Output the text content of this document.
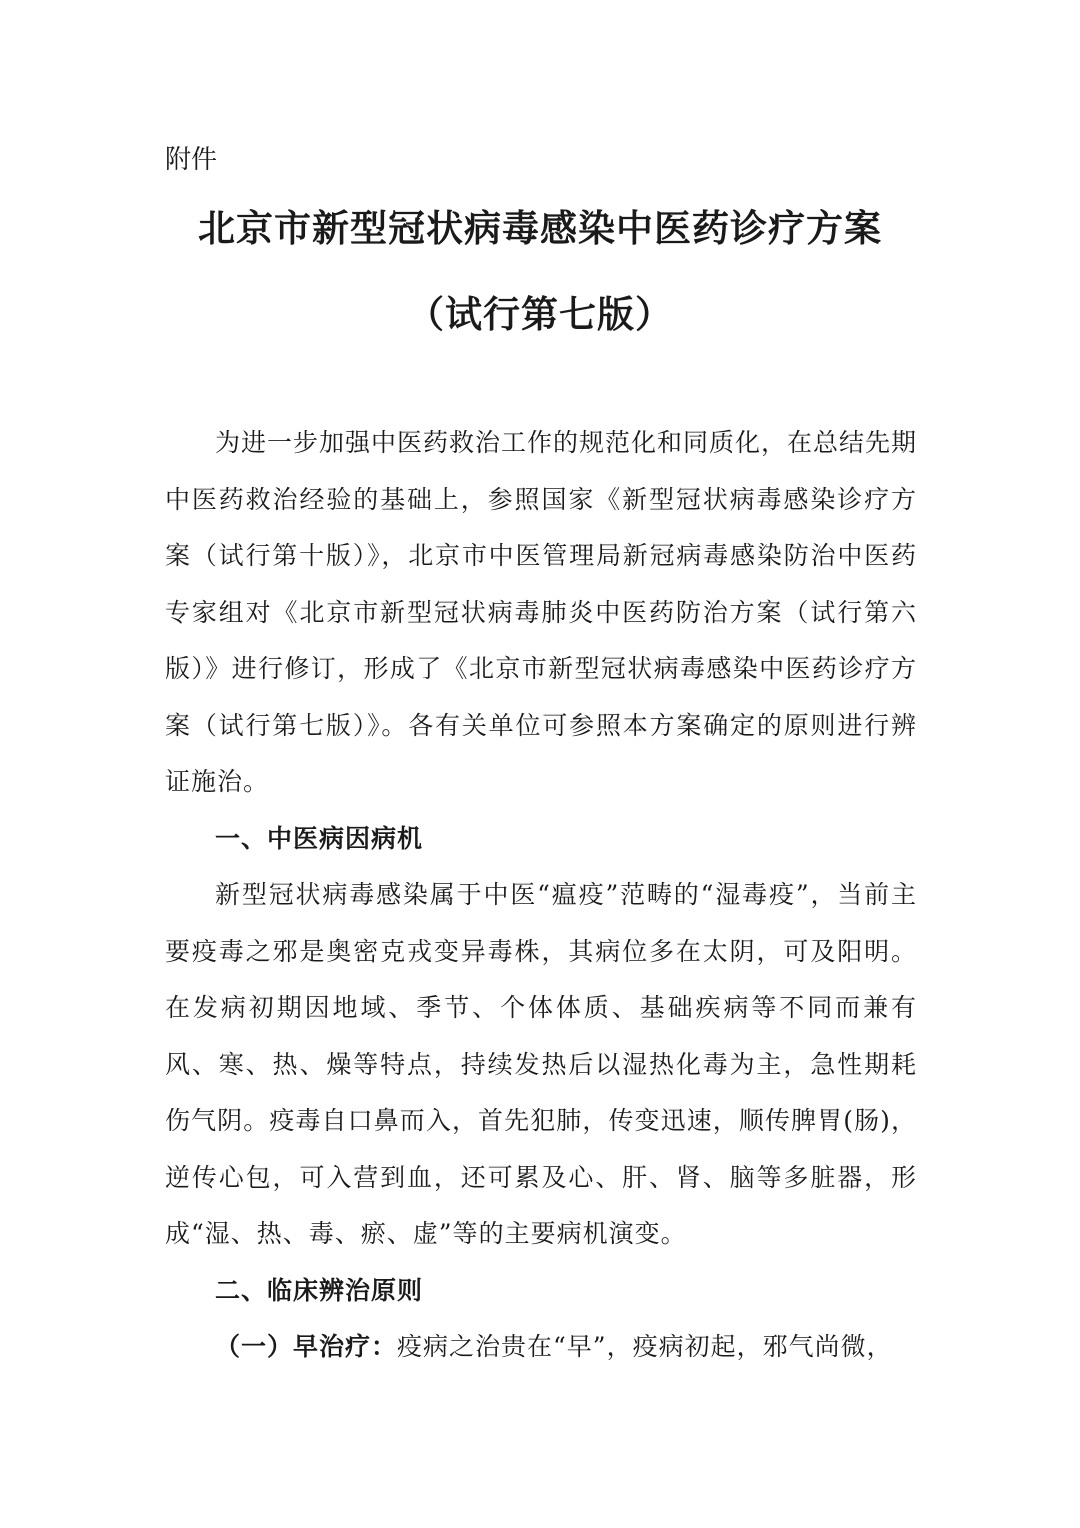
附件

北京市新型冠状病毒感染中医药诊疗方案
（试行第七版）

为进一步加强中医药救治工作的规范化和同质化，在总结先期中医药救治经验的基础上，参照国家《新型冠状病毒感染诊疗方案（试行第十版）》，北京市中医管理局新冠病毒感染防治中医药专家组对《北京市新型冠状病毒肺炎中医药防治方案（试行第六版）》进行修订，形成了《北京市新型冠状病毒感染中医药诊疗方案（试行第七版）》。各有关单位可参照本方案确定的原则进行辨证施治。

一、中医病因病机

新型冠状病毒感染属于中医“瘟疫”范畴的“湿毒疫”，当前主要疫毒之邪是奥密克戎变异毒株，其病位多在太阴，可及阳明。在发病初期因地域、季节、个体体质、基础疾病等不同而兼有风、寒、热、燥等特点，持续发热后以湿热化毒为主，急性期耗伤气阴。疫毒自口鼻而入，首先犯肺，传变迅速，顺传脾胃(肠)，逆传心包，可入营到血，还可累及心、肝、肾、脑等多脏器，形成“湿、热、毒、瘀、虚”等的主要病机演变。

二、临床辨治原则

（一）早治疗：疫病之治贵在“早”，疫病初起，邪气尚微，
